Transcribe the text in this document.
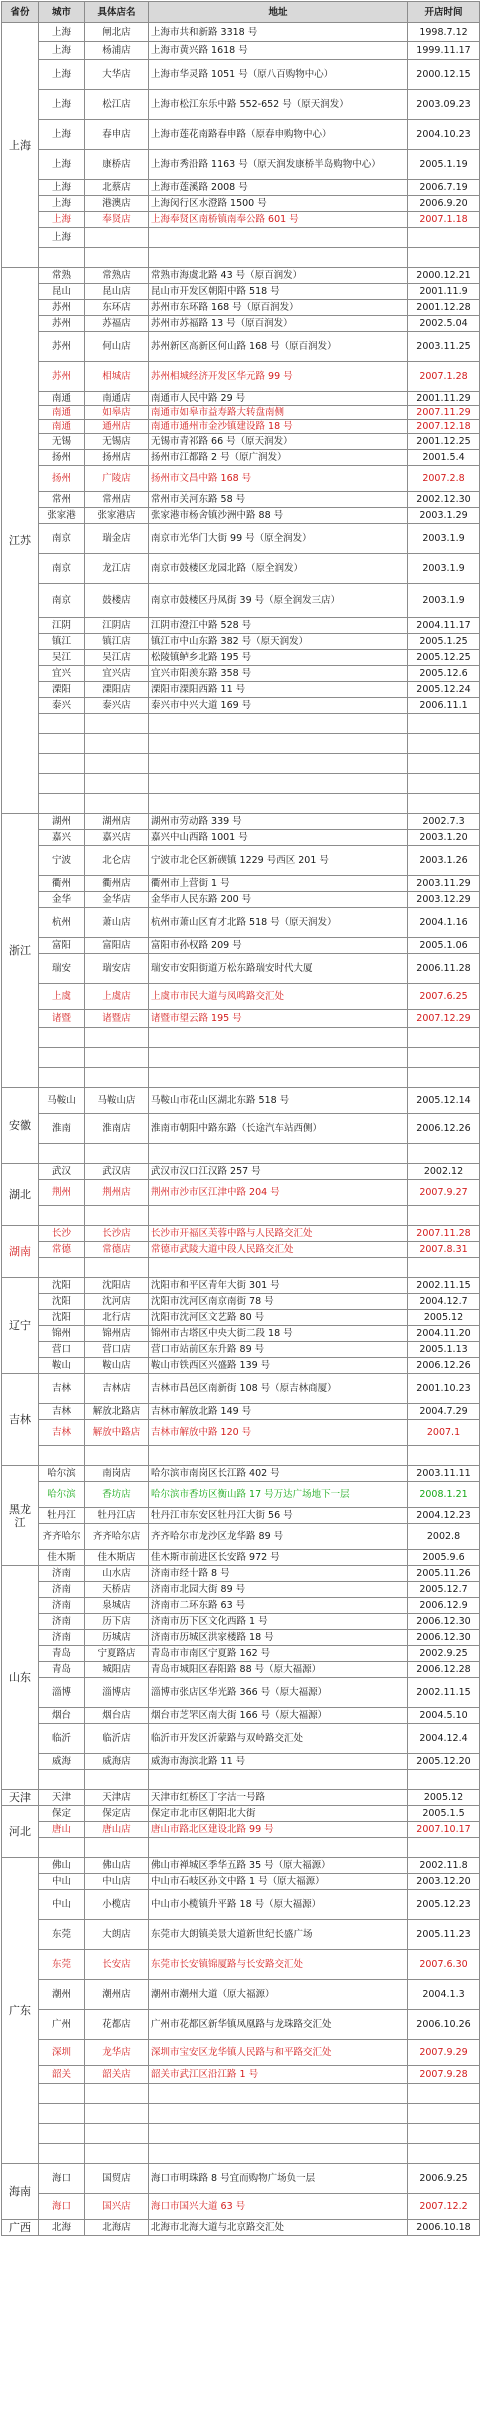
省份	城市	具体店名	地址	开店时间
上海	上海	闸北店	上海市共和新路 3318 号	1998.7.12
	上海	杨浦店	上海市黄兴路 1618 号	1999.11.17
	上海	大华店	上海市华灵路 1051 号（原八百购物中心）	2000.12.15
	上海	松江店	上海市松江东乐中路 552-652 号（原天润发）	2003.09.23
	上海	春申店	上海市莲花南路春申路（原春申购物中心）	2004.10.23
	上海	康桥店	上海市秀沿路 1163 号（原天润发康桥半岛购物中心）	2005.1.19
	上海	北蔡店	上海市莲溪路 2008 号	2006.7.19
	上海	港澳店	上海闵行区水澄路 1500 号	2006.9.20
	上海	奉贤店	上海奉贤区南桥镇南奉公路 601 号	2007.1.18
	上海			

江苏	常熟	常熟店	常熟市海虞北路 43 号（原百润发）	2000.12.21
	昆山	昆山店	昆山市开发区朝阳中路 518 号	2001.11.9
	苏州	东环店	苏州市东环路 168 号（原百润发）	2001.12.28
	苏州	苏福店	苏州市苏福路 13 号（原百润发）	2002.5.04
	苏州	何山店	苏州新区高新区何山路 168 号（原百润发）	2003.11.25
	苏州	相城店	苏州相城经济开发区华元路 99 号	2007.1.28
	南通	南通店	南通市人民中路 29 号	2001.11.29
	南通	如皋店	南通市如皋市益寿路大转盘南侧	2007.11.29
	南通	通州店	南通市通州市金沙镇建设路 18 号	2007.12.18
	无锡	无锡店	无锡市青祁路 66 号（原天润发）	2001.12.25
	扬州	扬州店	扬州市江都路 2 号（原广润发）	2001.5.4
	扬州	广陵店	扬州市文昌中路 168 号	2007.2.8
	常州	常州店	常州市关河东路 58 号	2002.12.30
	张家港	张家港店	张家港市杨舍镇沙洲中路 88 号	2003.1.29
	南京	瑞金店	南京市光华门大街 99 号（原全润发）	2003.1.9
	南京	龙江店	南京市鼓楼区龙园北路（原全润发）	2003.1.9
	南京	鼓楼店	南京市鼓楼区丹凤街 39 号（原全润发三店）	2003.1.9
	江阴	江阴店	江阴市澄江中路 528 号	2004.11.17
	镇江	镇江店	镇江市中山东路 382 号（原天润发）	2005.1.25
	吴江	吴江店	松陵镇鲈乡北路 195 号	2005.12.25
	宜兴	宜兴店	宜兴市阳羡东路 358 号	2005.12.6
	溧阳	溧阳店	溧阳市溧阳西路 11 号	2005.12.24
	泰兴	泰兴店	泰兴市中兴大道 169 号	2006.11.1

浙江	湖州	湖州店	湖州市劳动路 339 号	2002.7.3
	嘉兴	嘉兴店	嘉兴中山西路 1001 号	2003.1.20
	宁波	北仑店	宁波市北仑区新碶镇 1229 号西区 201 号	2003.1.26
	衢州	衢州店	衢州市上营街 1 号	2003.11.29
	金华	金华店	金华市人民东路 200 号	2003.12.29
	杭州	萧山店	杭州市萧山区育才北路 518 号（原天润发）	2004.1.16
	富阳	富阳店	富阳市孙权路 209 号	2005.1.06
	瑞安	瑞安店	瑞安市安阳街道万松东路瑞安时代大厦	2006.11.28
	上虞	上虞店	上虞市市民大道与凤鸣路交汇处	2007.6.25
	诸暨	诸暨店	诸暨市望云路 195 号	2007.12.29

安徽	马鞍山	马鞍山店	马鞍山市花山区湖北东路 518 号	2005.12.14
	淮南	淮南店	淮南市朝阳中路东路（长途汽车站西侧）	2006.12.26

湖北	武汉	武汉店	武汉市汉口江汉路 257 号	2002.12
	荆州	荆州店	荆州市沙市区江津中路 204 号	2007.9.27

湖南	长沙	长沙店	长沙市开福区芙蓉中路与人民路交汇处	2007.11.28
	常德	常德店	常德市武陵大道中段人民路交汇处	2007.8.31

辽宁	沈阳	沈阳店	沈阳市和平区青年大街 301 号	2002.11.15
	沈阳	沈河店	沈阳市沈河区南京南街 78 号	2004.12.7
	沈阳	北行店	沈阳市沈河区文艺路 80 号	2005.12
	锦州	锦州店	锦州市古塔区中央大街二段 18 号	2004.11.20
	营口	营口店	营口市站前区东升路 89 号	2005.1.13
	鞍山	鞍山店	鞍山市铁西区兴盛路 139 号	2006.12.26
吉林	吉林	吉林店	吉林市昌邑区南新街 108 号（原吉林商厦）	2001.10.23
	吉林	解放北路店	吉林市解放北路 149 号	2004.7.29
	吉林	解放中路店	吉林市解放中路 120 号	2007.1

黑龙江	哈尔滨	南岗店	哈尔滨市南岗区长江路 402 号	2003.11.11
	哈尔滨	香坊店	哈尔滨市香坊区衡山路 17 号万达广场地下一层	2008.1.21
	牡丹江	牡丹江店	牡丹江市东安区牡丹江大街 56 号	2004.12.23
	齐齐哈尔	齐齐哈尔店	齐齐哈尔市龙沙区龙华路 89 号	2002.8
	佳木斯	佳木斯店	佳木斯市前进区长安路 972 号	2005.9.6
山东	济南	山水店	济南市经十路 8 号	2005.11.26
	济南	天桥店	济南市北园大街 89 号	2005.12.7
	济南	泉城店	济南市二环东路 63 号	2006.12.9
	济南	历下店	济南市历下区文化西路 1 号	2006.12.30
	济南	历城店	济南市历城区洪家楼路 18 号	2006.12.30
	青岛	宁夏路店	青岛市市南区宁夏路 162 号	2002.9.25
	青岛	城阳店	青岛市城阳区春阳路 88 号（原大福源）	2006.12.28
	淄博	淄博店	淄博市张店区华光路 366 号（原大福源）	2002.11.15
	烟台	烟台店	烟台市芝罘区南大街 166 号（原大福源）	2004.5.10
	临沂	临沂店	临沂市开发区沂蒙路与双岭路交汇处	2004.12.4
	威海	威海店	威海市海滨北路 11 号	2005.12.20

天津	天津	天津店	天津市红桥区丁字沽一号路	2005.12
河北	保定	保定店	保定市北市区朝阳北大街	2005.1.5
	唐山	唐山店	唐山市路北区建设北路 99 号	2007.10.17

广东	佛山	佛山店	佛山市禅城区季华五路 35 号（原大福源）	2002.11.8
	中山	中山店	中山市石岐区孙文中路 1 号（原大福源）	2003.12.20
	中山	小榄店	中山市小榄镇升平路 18 号（原大福源）	2005.12.23
	东莞	大朗店	东莞市大朗镇美景大道新世纪长盛广场	2005.11.23
	东莞	长安店	东莞市长安镇锦厦路与长安路交汇处	2007.6.30
	潮州	潮州店	潮州市潮州大道（原大福源）	2004.1.3
	广州	花都店	广州市花都区新华镇凤凰路与龙珠路交汇处	2006.10.26
	深圳	龙华店	深圳市宝安区龙华镇人民路与和平路交汇处	2007.9.29
	韶关	韶关店	韶关市武江区沿江路 1 号	2007.9.28

海南	海口	国贸店	海口市明珠路 8 号宜而购物广场负一层	2006.9.25
	海口	国兴店	海口市国兴大道 63 号	2007.12.2
广西	北海	北海店	北海市北海大道与北京路交汇处	2006.10.18
